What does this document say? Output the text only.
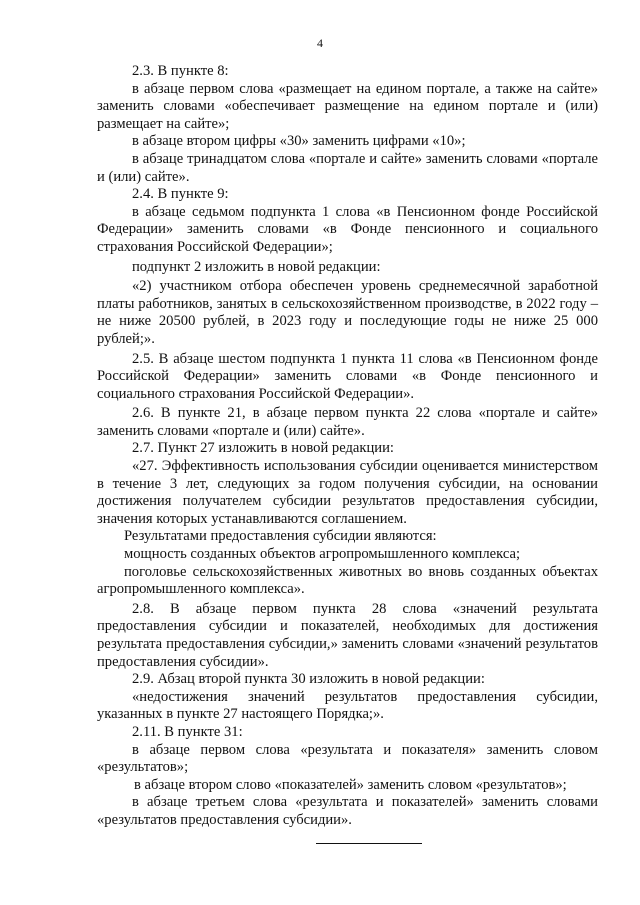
4

2.3. В пункте 8:

в абзаце первом слова «размещает на едином портале, а также на сайте» заменить словами «обеспечивает размещение на едином портале и (или) размещает на сайте»;

в абзаце втором цифры «30» заменить цифрами «10»;

в абзаце тринадцатом слова «портале и сайте» заменить словами «портале и (или) сайте».

2.4. В пункте 9:

в абзаце седьмом подпункта 1 слова «в Пенсионном фонде Российской Федерации» заменить словами «в Фонде пенсионного и социального страхования Российской Федерации»;

подпункт 2 изложить в новой редакции:

«2) участником отбора обеспечен уровень среднемесячной заработной платы работников, занятых в сельскохозяйственном производстве, в 2022 году – не ниже 20500 рублей, в 2023 году и последующие годы не ниже 25 000 рублей;».

2.5. В абзаце шестом подпункта 1 пункта 11 слова «в Пенсионном фонде Российской Федерации» заменить словами «в Фонде пенсионного и социального страхования Российской Федерации».

2.6. В пункте 21, в абзаце первом пункта 22 слова «портале и сайте» заменить словами «портале и (или) сайте».

2.7. Пункт 27 изложить в новой редакции:

«27. Эффективность использования субсидии оценивается министерством в течение 3 лет, следующих за годом получения субсидии, на основании достижения получателем субсидии результатов предоставления субсидии, значения которых устанавливаются соглашением.

Результатами предоставления субсидии являются:

мощность созданных объектов агропромышленного комплекса;

поголовье сельскохозяйственных животных во вновь созданных объектах агропромышленного комплекса».

2.8. В абзаце первом пункта 28 слова «значений результата предоставления субсидии и показателей, необходимых для достижения результата предоставления субсидии,» заменить словами «значений результатов предоставления субсидии».

2.9. Абзац второй пункта 30 изложить в новой редакции:

«недостижения значений результатов предоставления субсидии, указанных в пункте 27 настоящего Порядка;».

2.11. В пункте 31:

в абзаце первом слова «результата и показателя» заменить словом «результатов»;

в абзаце втором слово «показателей» заменить словом «результатов»;

в абзаце третьем слова «результата и показателей» заменить словами «результатов предоставления субсидии».
